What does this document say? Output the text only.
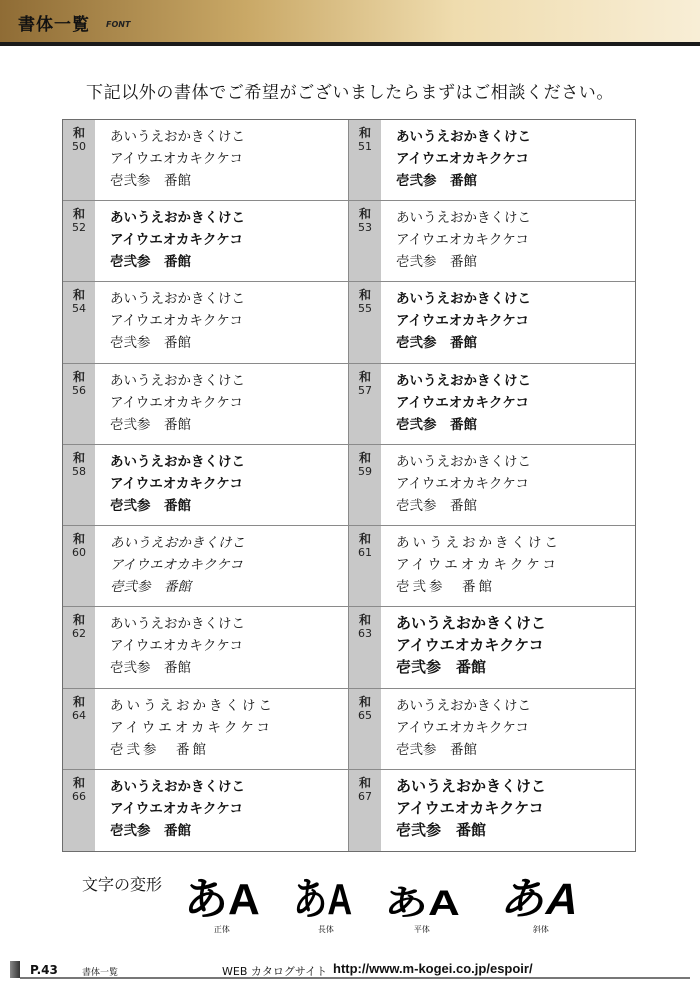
書体一覧 FONT
下記以外の書体でご希望がございましたらまずはご相談ください。
和
50
あいうえおかきくけこ
アイウエオカキクケコ
壱弐参　番館
和
51
あいうえおかきくけこ
アイウエオカキクケコ
壱弐参　番館
和
52
あいうえおかきくけこ
アイウエオカキクケコ
壱弐参　番館
和
53
あいうえおかきくけこ
アイウエオカキクケコ
壱弐参　番館
和
54
あいうえおかきくけこ
アイウエオカキクケコ
壱弐参　番館
和
55
あいうえおかきくけこ
アイウエオカキクケコ
壱弐参　番館
和
56
あいうえおかきくけこ
アイウエオカキクケコ
壱弐参　番館
和
57
あいうえおかきくけこ
アイウエオカキクケコ
壱弐参　番館
和
58
あいうえおかきくけこ
アイウエオカキクケコ
壱弐参　番館
和
59
あいうえおかきくけこ
アイウエオカキクケコ
壱弐参　番館
和
60
あいうえおかきくけこ
アイウエオカキクケコ
壱弐参　番館
和
61
あいうえおかきくけこ
アイウエオカキクケコ
壱弐参　番館
和
62
あいうえおかきくけこ
アイウエオカキクケコ
壱弐参　番館
和
63
あいうえおかきくけこ
アイウエオカキクケコ
壱弐参　番館
和
64
あいうえおかきくけこ
アイウエオカキクケコ
壱弐参　番館
和
65
あいうえおかきくけこ
アイウエオカキクケコ
壱弐参　番館
和
66
あいうえおかきくけこ
アイウエオカキクケコ
壱弐参　番館
和
67
あいうえおかきくけこ
アイウエオカキクケコ
壱弐参　番館
文字の変形 あA
正体
あA
長体
あA
平体
あA
斜体
P.43	書体一覧	WEB カタログサイト http://www.m-kogei.co.jp/espoir/
